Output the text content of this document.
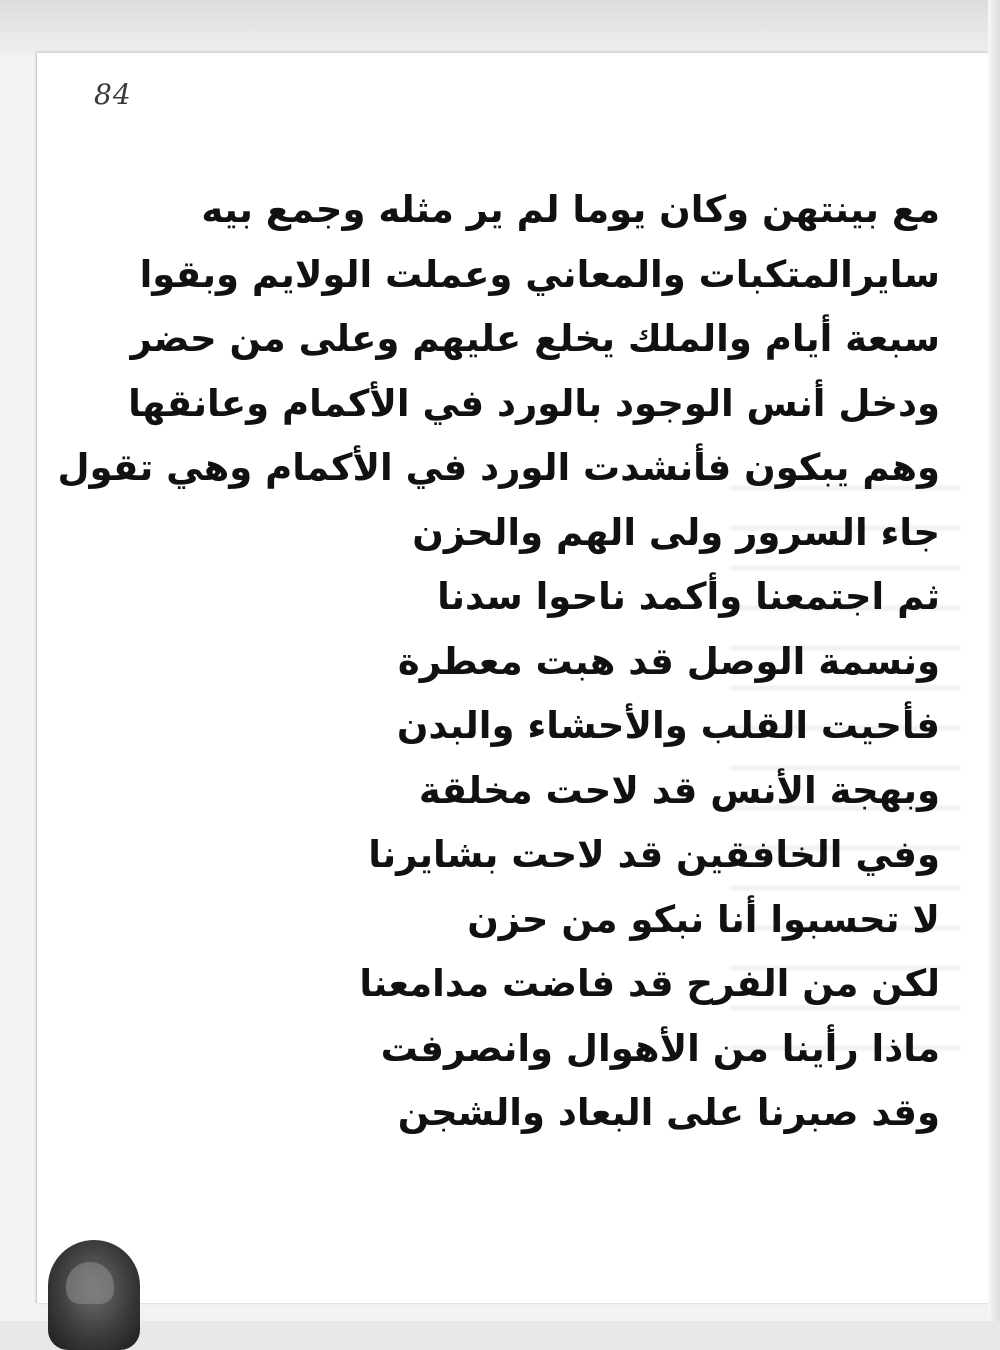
84
مع بينتهن وكان يوما لم ير مثله وجمع بيه
سايرالمتكبات والمعاني وعملت الولايم وبقوا
سبعة أيام والملك يخلع عليهم وعلى من حضر
ودخل أنس الوجود بالورد في الأكمام وعانقها
وهم يبكون فأنشدت الورد في الأكمام وهي تقول
جاء السرور ولى الهم والحزن
ثم اجتمعنا وأكمد ناحوا سدنا
ونسمة الوصل قد هبت معطرة
فأحيت القلب والأحشاء والبدن
وبهجة الأنس قد لاحت مخلقة
وفي الخافقين قد لاحت بشايرنا
لا تحسبوا أنا نبكو من حزن
لكن من الفرح قد فاضت مدامعنا
ماذا رأينا من الأهوال وانصرفت
وقد صبرنا على البعاد والشجن
